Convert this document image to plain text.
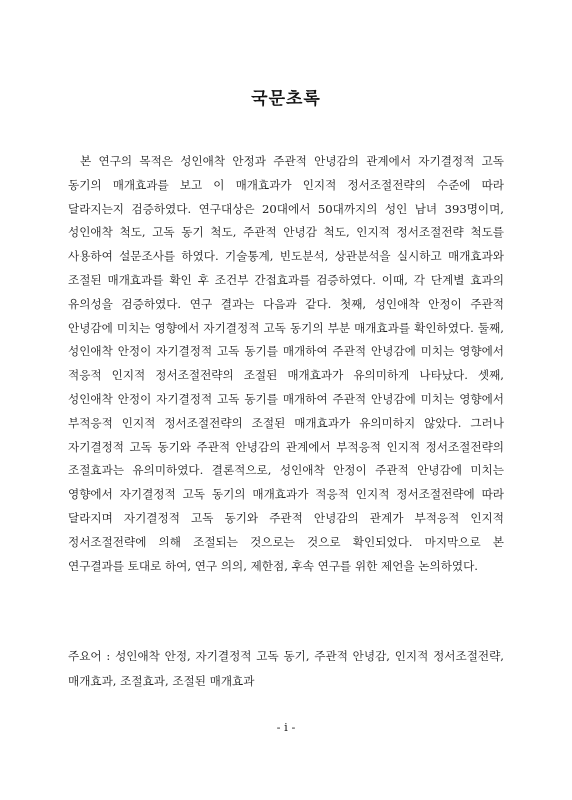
국문초록

본 연구의 목적은 성인애착 안정과 주관적 안녕감의 관계에서 자기결정적 고독 동기의 매개효과를 보고 이 매개효과가 인지적 정서조절전략의 수준에 따라 달라지는지 검증하였다. 연구대상은 20대에서 50대까지의 성인 남녀 393명이며, 성인애착 척도, 고독 동기 척도, 주관적 안녕감 척도, 인지적 정서조절전략 척도를 사용하여 설문조사를 하였다. 기술통계, 빈도분석, 상관분석을 실시하고 매개효과와 조절된 매개효과를 확인 후 조건부 간접효과를 검증하였다. 이때, 각 단계별 효과의 유의성을 검증하였다. 연구 결과는 다음과 같다. 첫째, 성인애착 안정이 주관적 안녕감에 미치는 영향에서 자기결정적 고독 동기의 부분 매개효과를 확인하였다. 둘째, 성인애착 안정이 자기결정적 고독 동기를 매개하여 주관적 안녕감에 미치는 영향에서 적응적 인지적 정서조절전략의 조절된 매개효과가 유의미하게 나타났다. 셋째, 성인애착 안정이 자기결정적 고독 동기를 매개하여 주관적 안녕감에 미치는 영향에서 부적응적 인지적 정서조절전략의 조절된 매개효과가 유의미하지 않았다. 그러나 자기결정적 고독 동기와 주관적 안녕감의 관계에서 부적응적 인지적 정서조절전략의 조절효과는 유의미하였다. 결론적으로, 성인애착 안정이 주관적 안녕감에 미치는 영향에서 자기결정적 고독 동기의 매개효과가 적응적 인지적 정서조절전략에 따라 달라지며 자기결정적 고독 동기와 주관적 안녕감의 관계가 부적응적 인지적 정서조절전략에 의해 조절되는 것으로는 것으로 확인되었다. 마지막으로 본 연구결과를 토대로 하여, 연구 의의, 제한점, 후속 연구를 위한 제언을 논의하였다.

주요어 : 성인애착 안정, 자기결정적 고독 동기, 주관적 안녕감, 인지적 정서조절전략, 매개효과, 조절효과, 조절된 매개효과

- i -
